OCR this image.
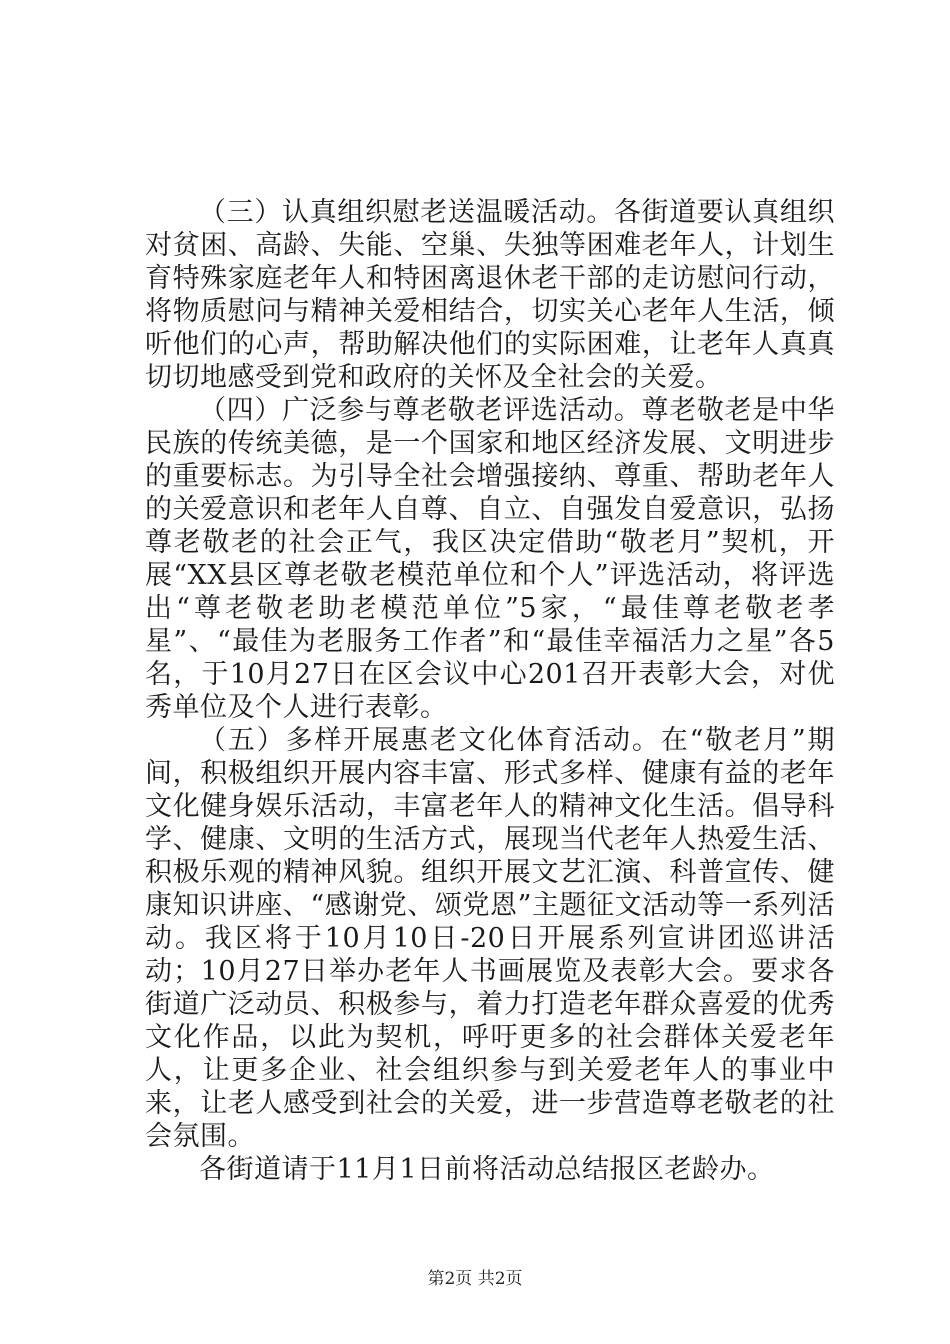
（三）认真组织慰老送温暖活动。各街道要认真组织对贫困、高龄、失能、空巢、失独等困难老年人，计划生育特殊家庭老年人和特困离退休老干部的走访慰问行动，将物质慰问与精神关爱相结合，切实关心老年人生活，倾听他们的心声，帮助解决他们的实际困难，让老年人真真切切地感受到党和政府的关怀及全社会的关爱。

（四）广泛参与尊老敬老评选活动。尊老敬老是中华民族的传统美德，是一个国家和地区经济发展、文明进步的重要标志。为引导全社会增强接纳、尊重、帮助老年人的关爱意识和老年人自尊、自立、自强发自爱意识，弘扬尊老敬老的社会正气，我区决定借助“敬老月”契机，开展“XX县区尊老敬老模范单位和个人”评选活动，将评选出“尊老敬老助老模范单位”5家，“最佳尊老敬老孝星”、“最佳为老服务工作者”和“最佳幸福活力之星”各5名，于10月27日在区会议中心201召开表彰大会，对优秀单位及个人进行表彰。

（五）多样开展惠老文化体育活动。在“敬老月”期间，积极组织开展内容丰富、形式多样、健康有益的老年文化健身娱乐活动，丰富老年人的精神文化生活。倡导科学、健康、文明的生活方式，展现当代老年人热爱生活、积极乐观的精神风貌。组织开展文艺汇演、科普宣传、健康知识讲座、“感谢党、颂党恩”主题征文活动等一系列活动。我区将于10月10日-20日开展系列宣讲团巡讲活动；10月27日举办老年人书画展览及表彰大会。要求各街道广泛动员、积极参与，着力打造老年群众喜爱的优秀文化作品，以此为契机，呼吁更多的社会群体关爱老年人，让更多企业、社会组织参与到关爱老年人的事业中来，让老人感受到社会的关爱，进一步营造尊老敬老的社会氛围。

各街道请于11月1日前将活动总结报区老龄办。

第2页 共2页
